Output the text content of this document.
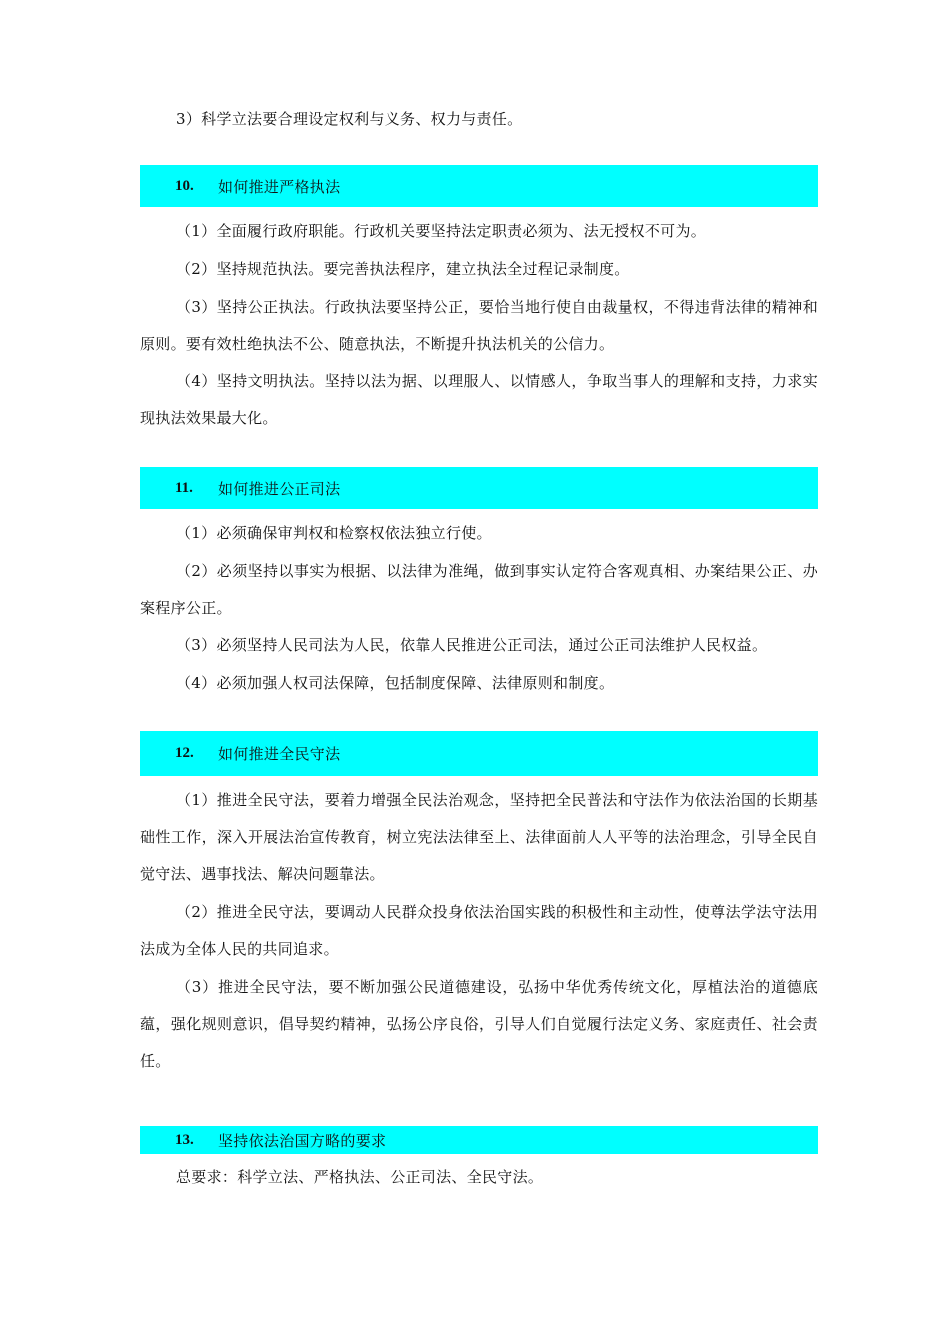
3）科学立法要合理设定权利与义务、权力与责任。

10.	如何推进严格执法

（1）全面履行政府职能。行政机关要坚持法定职责必须为、法无授权不可为。

（2）坚持规范执法。要完善执法程序，建立执法全过程记录制度。

（3）坚持公正执法。行政执法要坚持公正，要恰当地行使自由裁量权，不得违背法律的精神和原则。要有效杜绝执法不公、随意执法，不断提升执法机关的公信力。

（4）坚持文明执法。坚持以法为据、以理服人、以情感人，争取当事人的理解和支持，力求实现执法效果最大化。

11.	如何推进公正司法

（1）必须确保审判权和检察权依法独立行使。

（2）必须坚持以事实为根据、以法律为准绳，做到事实认定符合客观真相、办案结果公正、办案程序公正。

（3）必须坚持人民司法为人民，依靠人民推进公正司法，通过公正司法维护人民权益。

（4）必须加强人权司法保障，包括制度保障、法律原则和制度。

12.	如何推进全民守法

（1）推进全民守法，要着力增强全民法治观念，坚持把全民普法和守法作为依法治国的长期基础性工作，深入开展法治宣传教育，树立宪法法律至上、法律面前人人平等的法治理念，引导全民自觉守法、遇事找法、解决问题靠法。

（2）推进全民守法，要调动人民群众投身依法治国实践的积极性和主动性，使尊法学法守法用法成为全体人民的共同追求。

（3）推进全民守法，要不断加强公民道德建设，弘扬中华优秀传统文化，厚植法治的道德底蕴，强化规则意识，倡导契约精神，弘扬公序良俗，引导人们自觉履行法定义务、家庭责任、社会责任。

13.	坚持依法治国方略的要求

总要求：科学立法、严格执法、公正司法、全民守法。
